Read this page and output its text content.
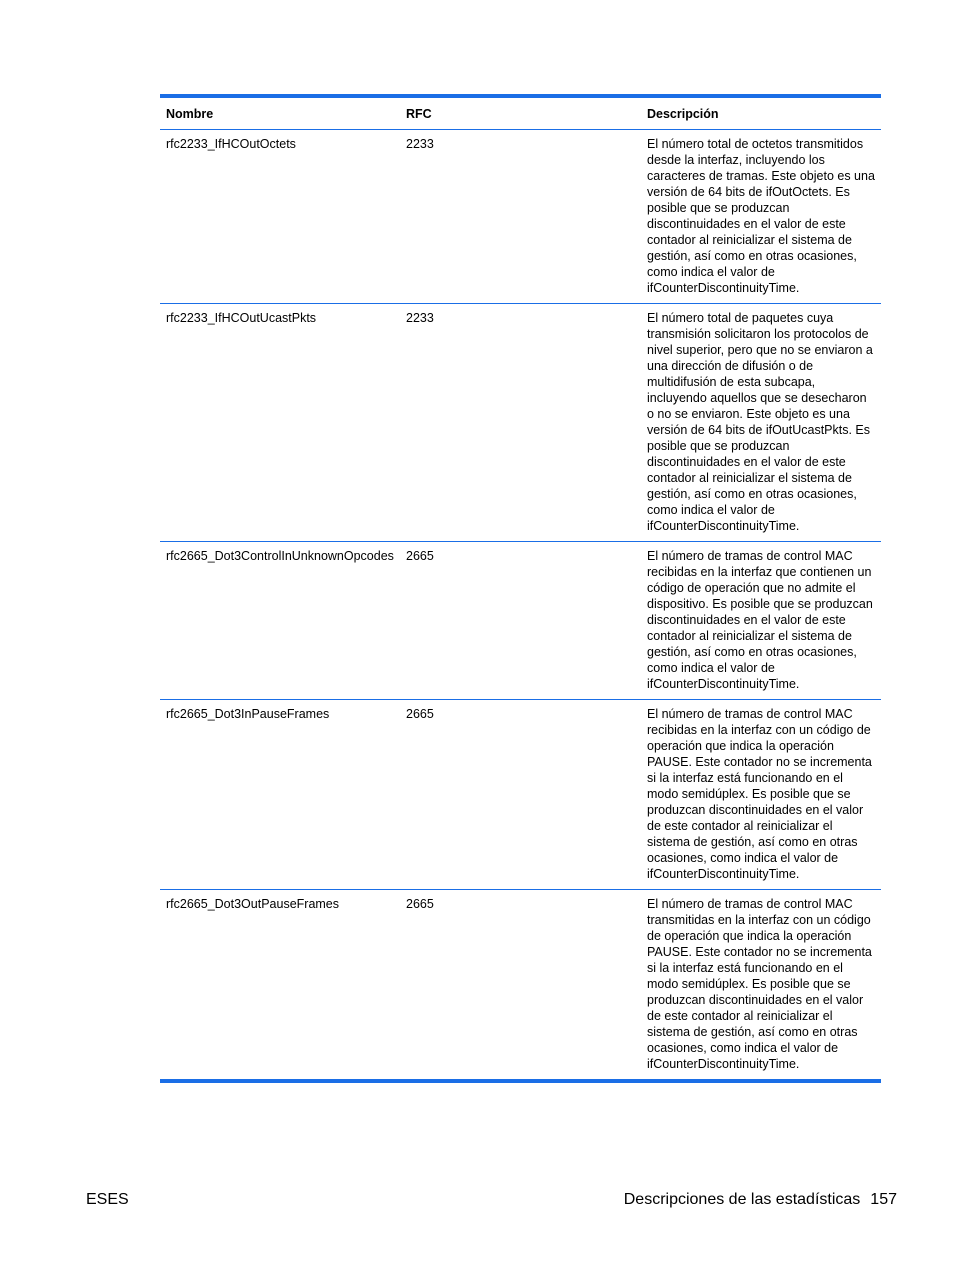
Nombre	RFC	Descripción
rfc2233_IfHCOutOctets	2233	El número total de octetos transmitidos desde la interfaz, incluyendo los caracteres de tramas. Este objeto es una versión de 64 bits de ifOutOctets. Es posible que se produzcan discontinuidades en el valor de este contador al reinicializar el sistema de gestión, así como en otras ocasiones, como indica el valor de ifCounterDiscontinuityTime.
rfc2233_IfHCOutUcastPkts	2233	El número total de paquetes cuya transmisión solicitaron los protocolos de nivel superior, pero que no se enviaron a una dirección de difusión o de multidifusión de esta subcapa, incluyendo aquellos que se desecharon o no se enviaron. Este objeto es una versión de 64 bits de ifOutUcastPkts. Es posible que se produzcan discontinuidades en el valor de este contador al reinicializar el sistema de gestión, así como en otras ocasiones, como indica el valor de ifCounterDiscontinuityTime.
rfc2665_Dot3ControlInUnknownOpcodes	2665	El número de tramas de control MAC recibidas en la interfaz que contienen un código de operación que no admite el dispositivo. Es posible que se produzcan discontinuidades en el valor de este contador al reinicializar el sistema de gestión, así como en otras ocasiones, como indica el valor de ifCounterDiscontinuityTime.
rfc2665_Dot3InPauseFrames	2665	El número de tramas de control MAC recibidas en la interfaz con un código de operación que indica la operación PAUSE. Este contador no se incrementa si la interfaz está funcionando en el modo semidúplex. Es posible que se produzcan discontinuidades en el valor de este contador al reinicializar el sistema de gestión, así como en otras ocasiones, como indica el valor de ifCounterDiscontinuityTime.
rfc2665_Dot3OutPauseFrames	2665	El número de tramas de control MAC transmitidas en la interfaz con un código de operación que indica la operación PAUSE. Este contador no se incrementa si la interfaz está funcionando en el modo semidúplex. Es posible que se produzcan discontinuidades en el valor de este contador al reinicializar el sistema de gestión, así como en otras ocasiones, como indica el valor de ifCounterDiscontinuityTime.
ESES	Descripciones de las estadísticas 157
